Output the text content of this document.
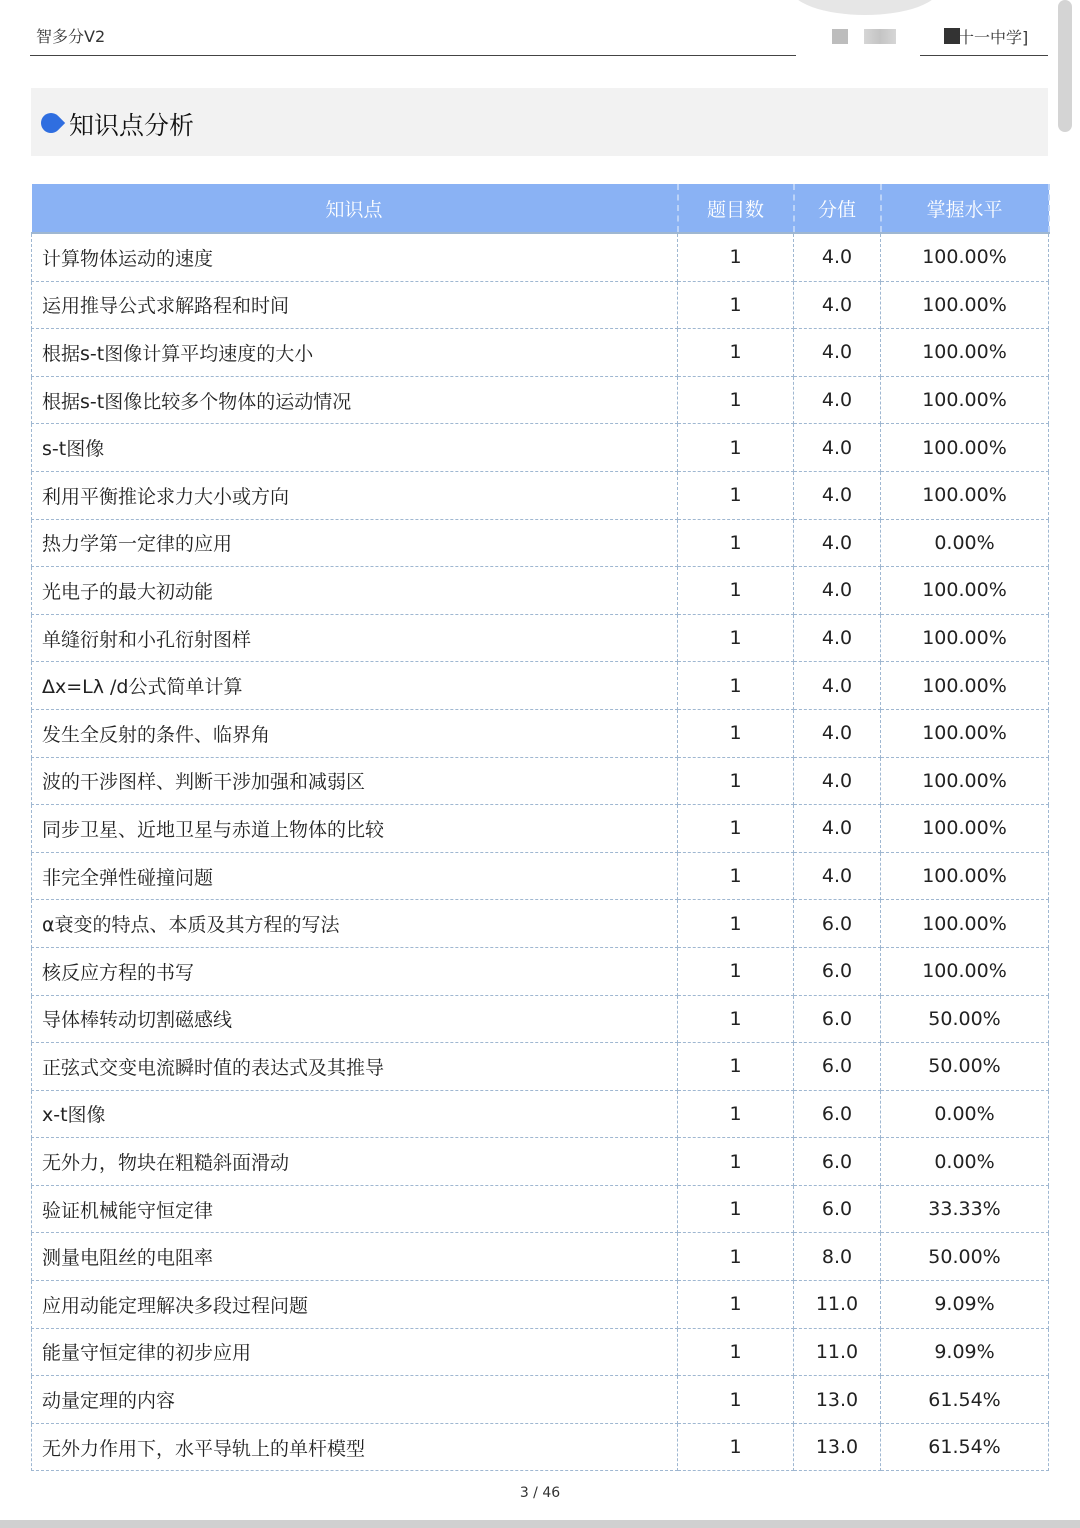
智多分V2	十一中学]
知识点分析
知识点	题目数	分值	掌握水平
计算物体运动的速度	1	4.0	100.00%
运用推导公式求解路程和时间	1	4.0	100.00%
根据s-t图像计算平均速度的大小	1	4.0	100.00%
根据s-t图像比较多个物体的运动情况	1	4.0	100.00%
s-t图像	1	4.0	100.00%
利用平衡推论求力大小或方向	1	4.0	100.00%
热力学第一定律的应用	1	4.0	0.00%
光电子的最大初动能	1	4.0	100.00%
单缝衍射和小孔衍射图样	1	4.0	100.00%
Δx=Lλ /d公式简单计算	1	4.0	100.00%
发生全反射的条件、临界角	1	4.0	100.00%
波的干涉图样、判断干涉加强和减弱区	1	4.0	100.00%
同步卫星、近地卫星与赤道上物体的比较	1	4.0	100.00%
非完全弹性碰撞问题	1	4.0	100.00%
α衰变的特点、本质及其方程的写法	1	6.0	100.00%
核反应方程的书写	1	6.0	100.00%
导体棒转动切割磁感线	1	6.0	50.00%
正弦式交变电流瞬时值的表达式及其推导	1	6.0	50.00%
x-t图像	1	6.0	0.00%
无外力，物块在粗糙斜面滑动	1	6.0	0.00%
验证机械能守恒定律	1	6.0	33.33%
测量电阻丝的电阻率	1	8.0	50.00%
应用动能定理解决多段过程问题	1	11.0	9.09%
能量守恒定律的初步应用	1	11.0	9.09%
动量定理的内容	1	13.0	61.54%
无外力作用下，水平导轨上的单杆模型	1	13.0	61.54%
3 / 46
